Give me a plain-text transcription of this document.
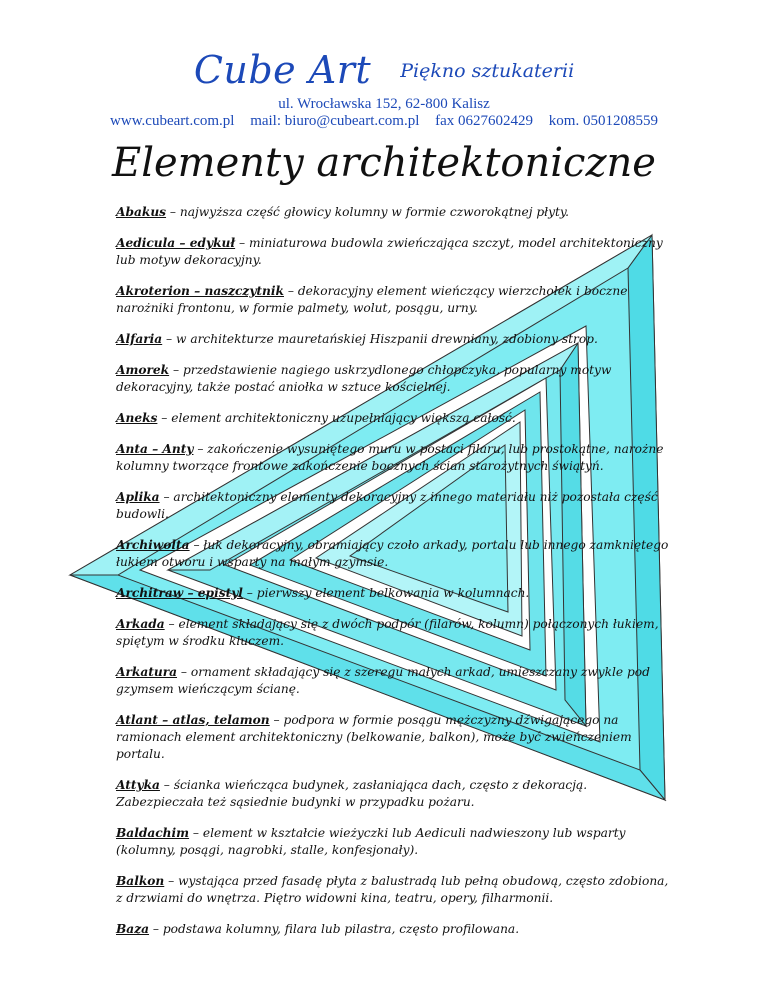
Cube Art Piękno sztukaterii
ul. Wrocławska 152, 62-800 Kalisz
www.cubeart.com.pl mail: biuro@cubeart.com.pl fax 0627602429 kom. 0501208559
Elementy architektoniczne

Abakus – najwyższa część głowicy kolumny w formie czworokątnej płyty.

Aedicula – edykuł – miniaturowa budowla zwieńczająca szczyt, model architektoniczny lub motyw dekoracyjny.

Akroterion – naszczytnik – dekoracyjny element wieńczący wierzchołek i boczne narożniki frontonu, w formie palmety, wolut, posągu, urny.

Alfaria – w architekturze mauretańskiej Hiszpanii drewniany, zdobiony strop.

Amorek – przedstawienie nagiego uskrzydlonego chłopczyka, popularny motyw dekoracyjny, także postać aniołka w sztuce kościelnej.

Aneks – element architektoniczny uzupełniający większą całość.

Anta – Anty – zakończenie wysuniętego muru w postaci filaru, lub prostokątne, narożne kolumny tworzące frontowe zakończenie bocznych ścian starożytnych świątyń.

Aplika – architektoniczny elementy dekoracyjny z innego materiału niż pozostała część budowli.

Archiwolta – łuk dekoracyjny, obramiający czoło arkady, portalu lub innego zamkniętego łukiem otworu i wsparty na małym gzymsie.

Architraw – epistyl – pierwszy element belkowania w kolumnach.

Arkada – element składający się z dwóch podpór (filarów, kolumn) połączonych łukiem, spiętym w środku kluczem.

Arkatura – ornament składający się z szeregu małych arkad, umieszczany zwykle pod gzymsem wieńczącym ścianę.

Atlant – atlas, telamon – podpora w formie posągu mężczyzny dźwigającego na ramionach element architektoniczny (belkowanie, balkon), może być zwieńczeniem portalu.

Attyka – ścianka wieńcząca budynek, zasłaniająca dach, często z dekoracją. Zabezpieczała też sąsiednie budynki w przypadku pożaru.

Baldachim – element w kształcie wieżyczki lub Aediculi nadwieszony lub wsparty (kolumny, posągi, nagrobki, stalle, konfesjonały).

Balkon – wystająca przed fasadę płyta z balustradą lub pełną obudową, często zdobiona, z drzwiami do wnętrza. Piętro widowni kina, teatru, opery, filharmonii.

Baza – podstawa kolumny, filara lub pilastra, często profilowana.
